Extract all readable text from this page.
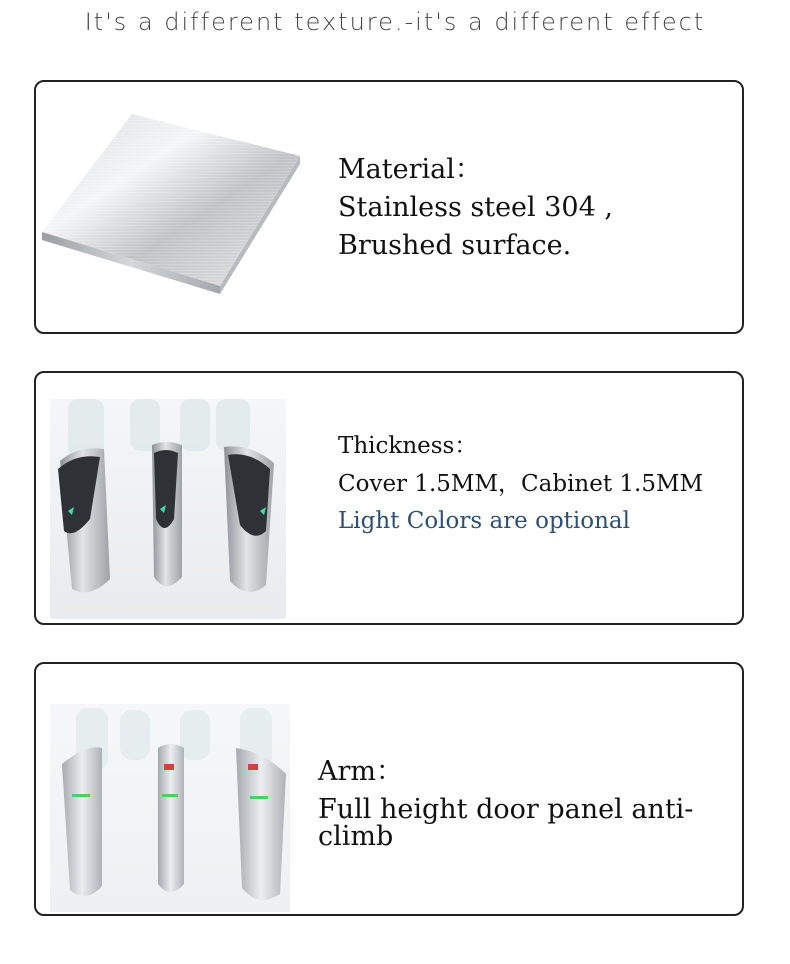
It's a different texture.-it's a different effect
Material：
Stainless steel 304 ,
Brushed surface.
Thickness：
Cover 1.5MM，Cabinet 1.5MM
Light Colors are optional
Arm：
Full height door panel anti-climb
